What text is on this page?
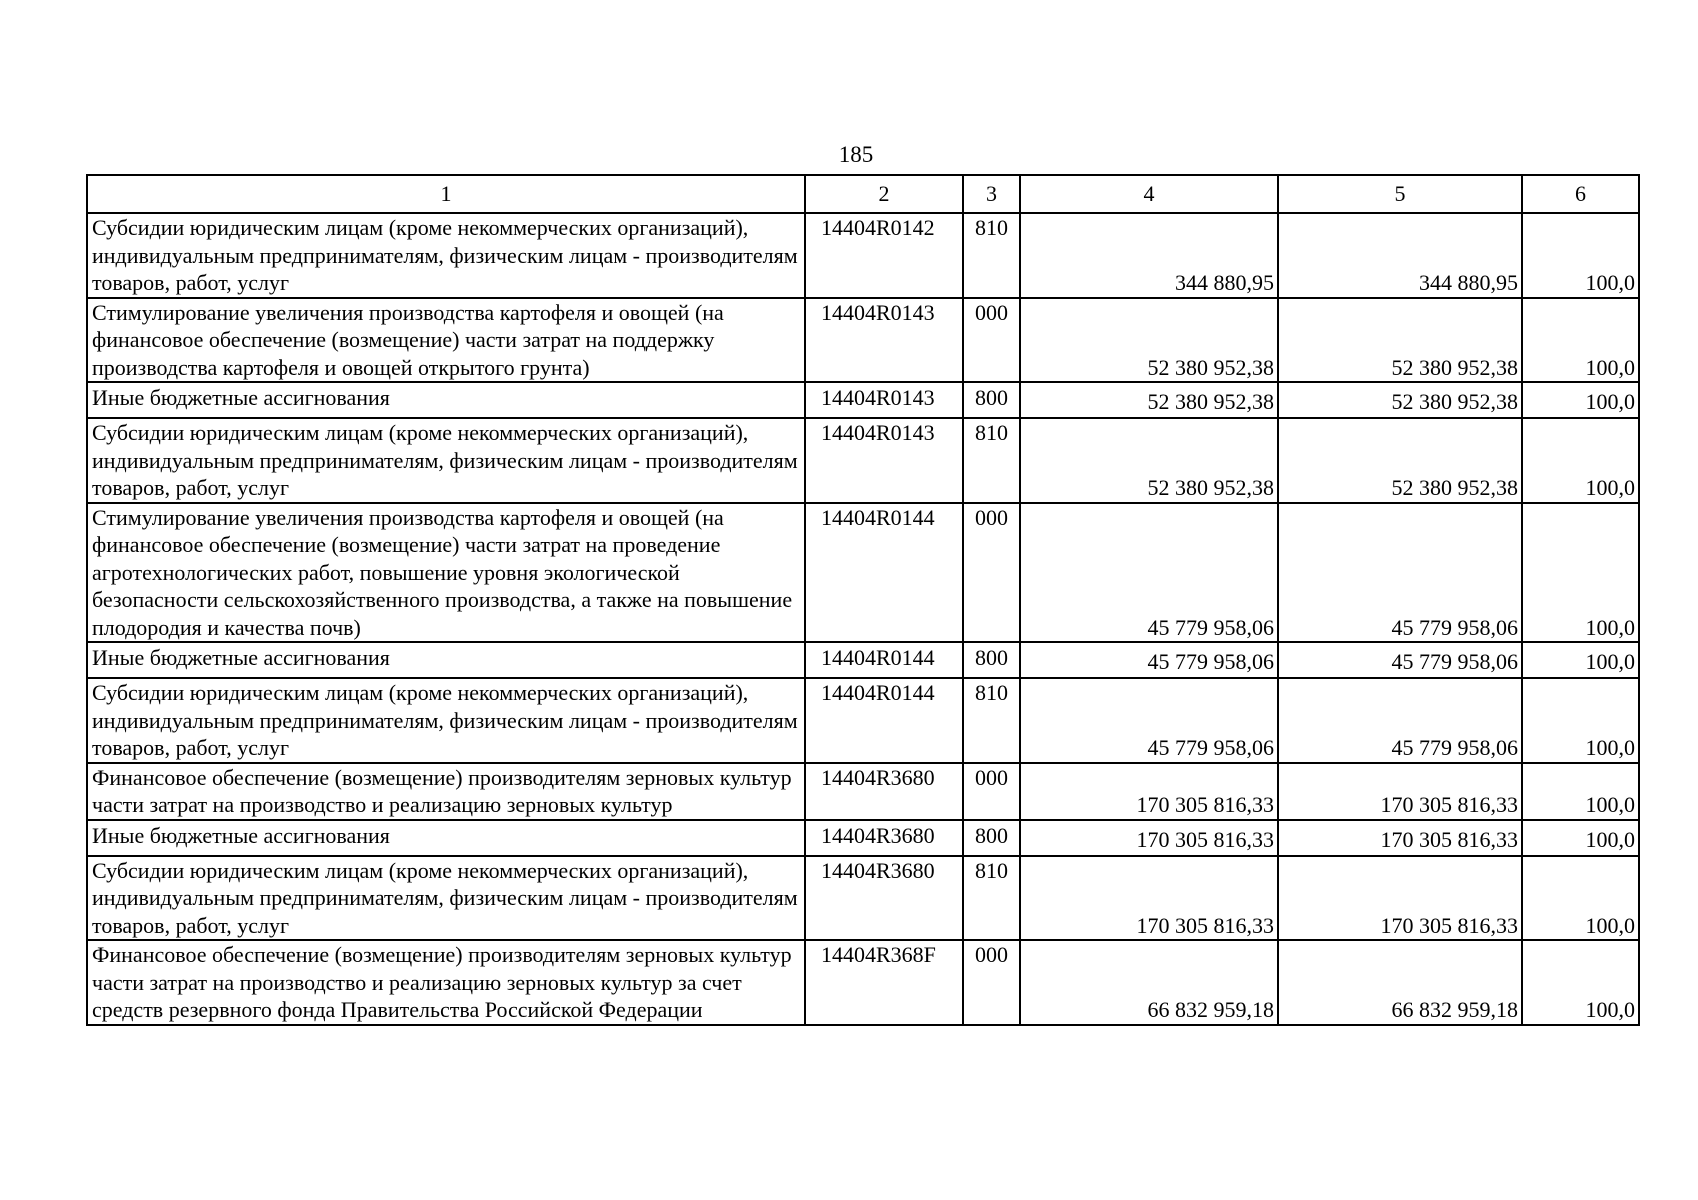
185
1	2	3	4	5	6
Субсидии юридическим лицам (кроме некоммерческих организаций), индивидуальным предпринимателям, физическим лицам - производителям товаров, работ, услуг	14404R0142	810	344 880,95	344 880,95	100,0
Стимулирование увеличения производства картофеля и овощей (на финансовое обеспечение (возмещение) части затрат на поддержку производства картофеля и овощей открытого грунта)	14404R0143	000	52 380 952,38	52 380 952,38	100,0
Иные бюджетные ассигнования	14404R0143	800	52 380 952,38	52 380 952,38	100,0
Субсидии юридическим лицам (кроме некоммерческих организаций), индивидуальным предпринимателям, физическим лицам - производителям товаров, работ, услуг	14404R0143	810	52 380 952,38	52 380 952,38	100,0
Стимулирование увеличения производства картофеля и овощей (на финансовое обеспечение (возмещение) части затрат на проведение агротехнологических работ, повышение уровня экологической безопасности сельскохозяйственного производства, а также на повышение плодородия и качества почв)	14404R0144	000	45 779 958,06	45 779 958,06	100,0
Иные бюджетные ассигнования	14404R0144	800	45 779 958,06	45 779 958,06	100,0
Субсидии юридическим лицам (кроме некоммерческих организаций), индивидуальным предпринимателям, физическим лицам - производителям товаров, работ, услуг	14404R0144	810	45 779 958,06	45 779 958,06	100,0
Финансовое обеспечение (возмещение) производителям зерновых культур части затрат на производство и реализацию зерновых культур	14404R3680	000	170 305 816,33	170 305 816,33	100,0
Иные бюджетные ассигнования	14404R3680	800	170 305 816,33	170 305 816,33	100,0
Субсидии юридическим лицам (кроме некоммерческих организаций), индивидуальным предпринимателям, физическим лицам - производителям товаров, работ, услуг	14404R3680	810	170 305 816,33	170 305 816,33	100,0
Финансовое обеспечение (возмещение) производителям зерновых культур части затрат на производство и реализацию зерновых культур за счет средств резервного фонда Правительства Российской Федерации	14404R368F	000	66 832 959,18	66 832 959,18	100,0
